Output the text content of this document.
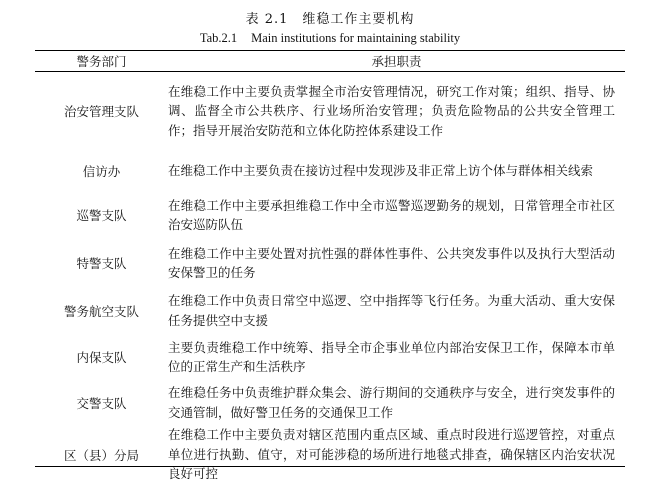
表 2.1 维稳工作主要机构
Tab.2.1 Main institutions for maintaining stability
警务部门	承担职责
治安管理支队
在维稳工作中主要负责掌握全市治安管理情况，研究工作对策；组织、指导、协调、监督全市公共秩序、行业场所治安管理；负责危险物品的公共安全管理工作；指导开展治安防范和立体化防控体系建设工作
信访办	在维稳工作中主要负责在接访过程中发现涉及非正常上访个体与群体相关线索
巡警支队
在维稳工作中主要承担维稳工作中全市巡警巡逻勤务的规划，日常管理全市社区治安巡防队伍
特警支队
在维稳工作中主要处置对抗性强的群体性事件、公共突发事件以及执行大型活动安保警卫的任务
警务航空支队
在维稳工作中负责日常空中巡逻、空中指挥等飞行任务。为重大活动、重大安保任务提供空中支援
内保支队
主要负责维稳工作中统筹、指导全市企事业单位内部治安保卫工作，保障本市单位的正常生产和生活秩序
交警支队
在维稳任务中负责维护群众集会、游行期间的交通秩序与安全，进行突发事件的交通管制，做好警卫任务的交通保卫工作
区（县）分局
在维稳工作中主要负责对辖区范围内重点区域、重点时段进行巡逻管控，对重点单位进行执勤、值守，对可能涉稳的场所进行地毯式排查，确保辖区内治安状况良好可控
